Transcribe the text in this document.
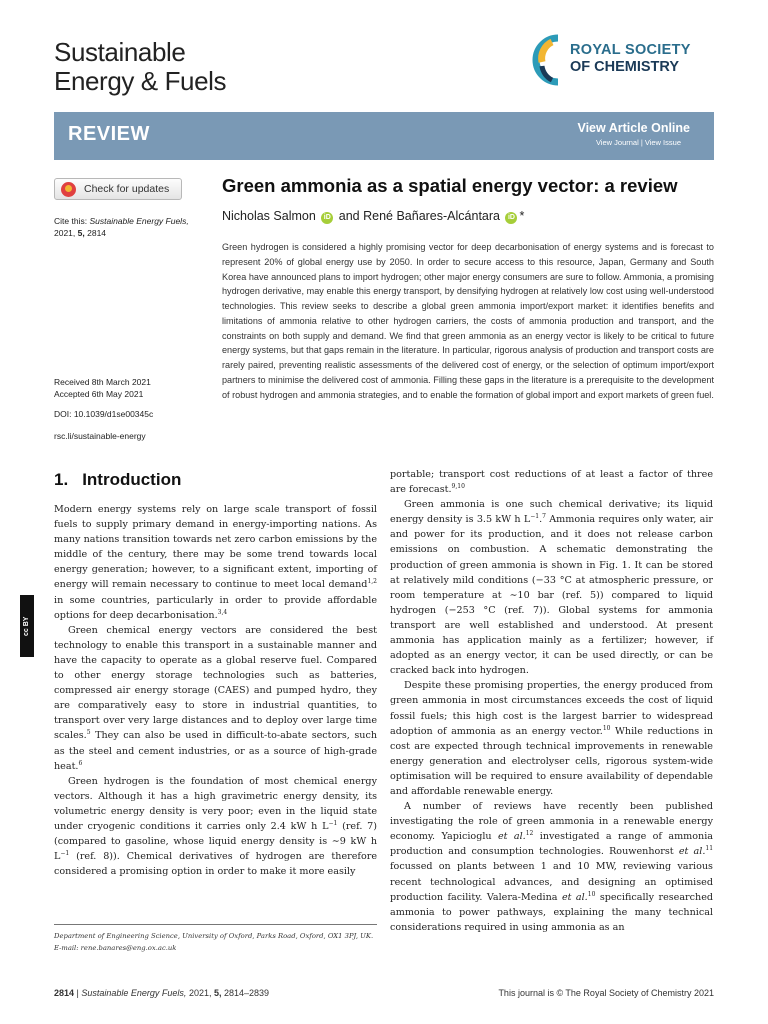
Sustainable
Energy & Fuels
ROYAL SOCIETY
OF CHEMISTRY
REVIEW	View Article Online
View Journal | View Issue
Check for updates	Green ammonia as a spatial energy vector: a review
Nicholas Salmon iD and René Bañares-Alcántara iD *
Cite this: Sustainable Energy Fuels,
2021, 5, 2814
Received 8th March 2021
Accepted 6th May 2021
DOI: 10.1039/d1se00345c
rsc.li/sustainable-energy

Green hydrogen is considered a highly promising vector for deep decarbonisation of energy systems and is forecast to represent 20% of global energy use by 2050. In order to secure access to this resource, Japan, Germany and South Korea have announced plans to import hydrogen; other major energy consumers are sure to follow. Ammonia, a promising hydrogen derivative, may enable this energy transport, by densifying hydrogen at relatively low cost using well-understood technologies. This review seeks to describe a global green ammonia import/export market: it identifies benefits and limitations of ammonia relative to other hydrogen carriers, the costs of ammonia production and transport, and the constraints on both supply and demand. We find that green ammonia as an energy vector is likely to be critical to future energy systems, but that gaps remain in the literature. In particular, rigorous analysis of production and transport costs are rarely paired, preventing realistic assessments of the delivered cost of energy, or the selection of optimum import/export partners to minimise the delivered cost of ammonia. Filling these gaps in the literature is a prerequisite to the development of robust hydrogen and ammonia strategies, and to enable the formation of global import and export markets of green fuel.

1. Introduction
cc BY

Modern energy systems rely on large scale transport of fossil fuels to supply primary demand in energy-importing nations. As many nations transition towards net zero carbon emissions by the middle of the century, there may be some trend towards local energy generation; however, to a significant extent, importing of energy will remain necessary to continue to meet local demand$^{1,2}$ in some countries, particularly in order to provide affordable options for deep decarbonisation.$^{3,4}$

Green chemical energy vectors are considered the best technology to enable this transport in a sustainable manner and have the capacity to operate as a global reserve fuel. Compared to other energy storage technologies such as batteries, compressed air energy storage (CAES) and pumped hydro, they are comparatively easy to store in industrial quantities, to transport over very large distances and to deploy over large time scales.$^5$ They can also be used in difficult-to-abate sectors, such as the steel and cement industries, or as a source of high-grade heat.$^6$

Green hydrogen is the foundation of most chemical energy vectors. Although it has a high gravimetric energy density, its volumetric energy density is very poor; even in the liquid state under cryogenic conditions it carries only 2.4 kW h $L^{-1}$ (ref. 7) (compared to gasoline, whose liquid energy density is ∼9 kW h $L^{-1}$ (ref. 8)). Chemical derivatives of hydrogen are therefore considered a promising option in order to make it more easily

portable; transport cost reductions of at least a factor of three are forecast.$^{9,10}$

Green ammonia is one such chemical derivative; its liquid energy density is 3.5 kW h $L^{-1}.^7$ Ammonia requires only water, air and power for its production, and it does not release carbon emissions on combustion. A schematic demonstrating the production of green ammonia is shown in Fig. 1. It can be stored at relatively mild conditions (−33 °C at atmospheric pressure, or room temperature at ∼10 bar (ref. 5)) compared to liquid hydrogen (−253 °C (ref. 7)). Global systems for ammonia transport are well established and understood. At present ammonia has application mainly as a fertilizer; however, if adopted as an energy vector, it can be used directly, or can be cracked back into hydrogen.

Despite these promising properties, the energy produced from green ammonia in most circumstances exceeds the cost of liquid fossil fuels; this high cost is the largest barrier to widespread adoption of ammonia as an energy vector.$^{10}$ While reductions in cost are expected through technical improvements in renewable energy generation and electrolyser cells, rigorous system-wide optimisation will be required to ensure availability of dependable and affordable renewable energy.

A number of reviews have recently been published investigating the role of green ammonia in a renewable energy economy. Yapicioglu et al.$^{12}$ investigated a range of ammonia production and consumption technologies. Rouwenhorst et al.$^{11}$ focussed on plants between 1 and 10 MW, reviewing various recent technological advances, and designing an optimised production facility. Valera-Medina et al.$^{10}$ specifically researched ammonia to power pathways, explaining the many technical considerations required in using ammonia as an

Department of Engineering Science, University of Oxford, Parks Road, Oxford, OX1 3PJ, UK. E-mail: rene.banares@eng.ox.ac.uk

2814 | Sustainable Energy Fuels, 2021, 5, 2814–2839	This journal is © The Royal Society of Chemistry 2021
